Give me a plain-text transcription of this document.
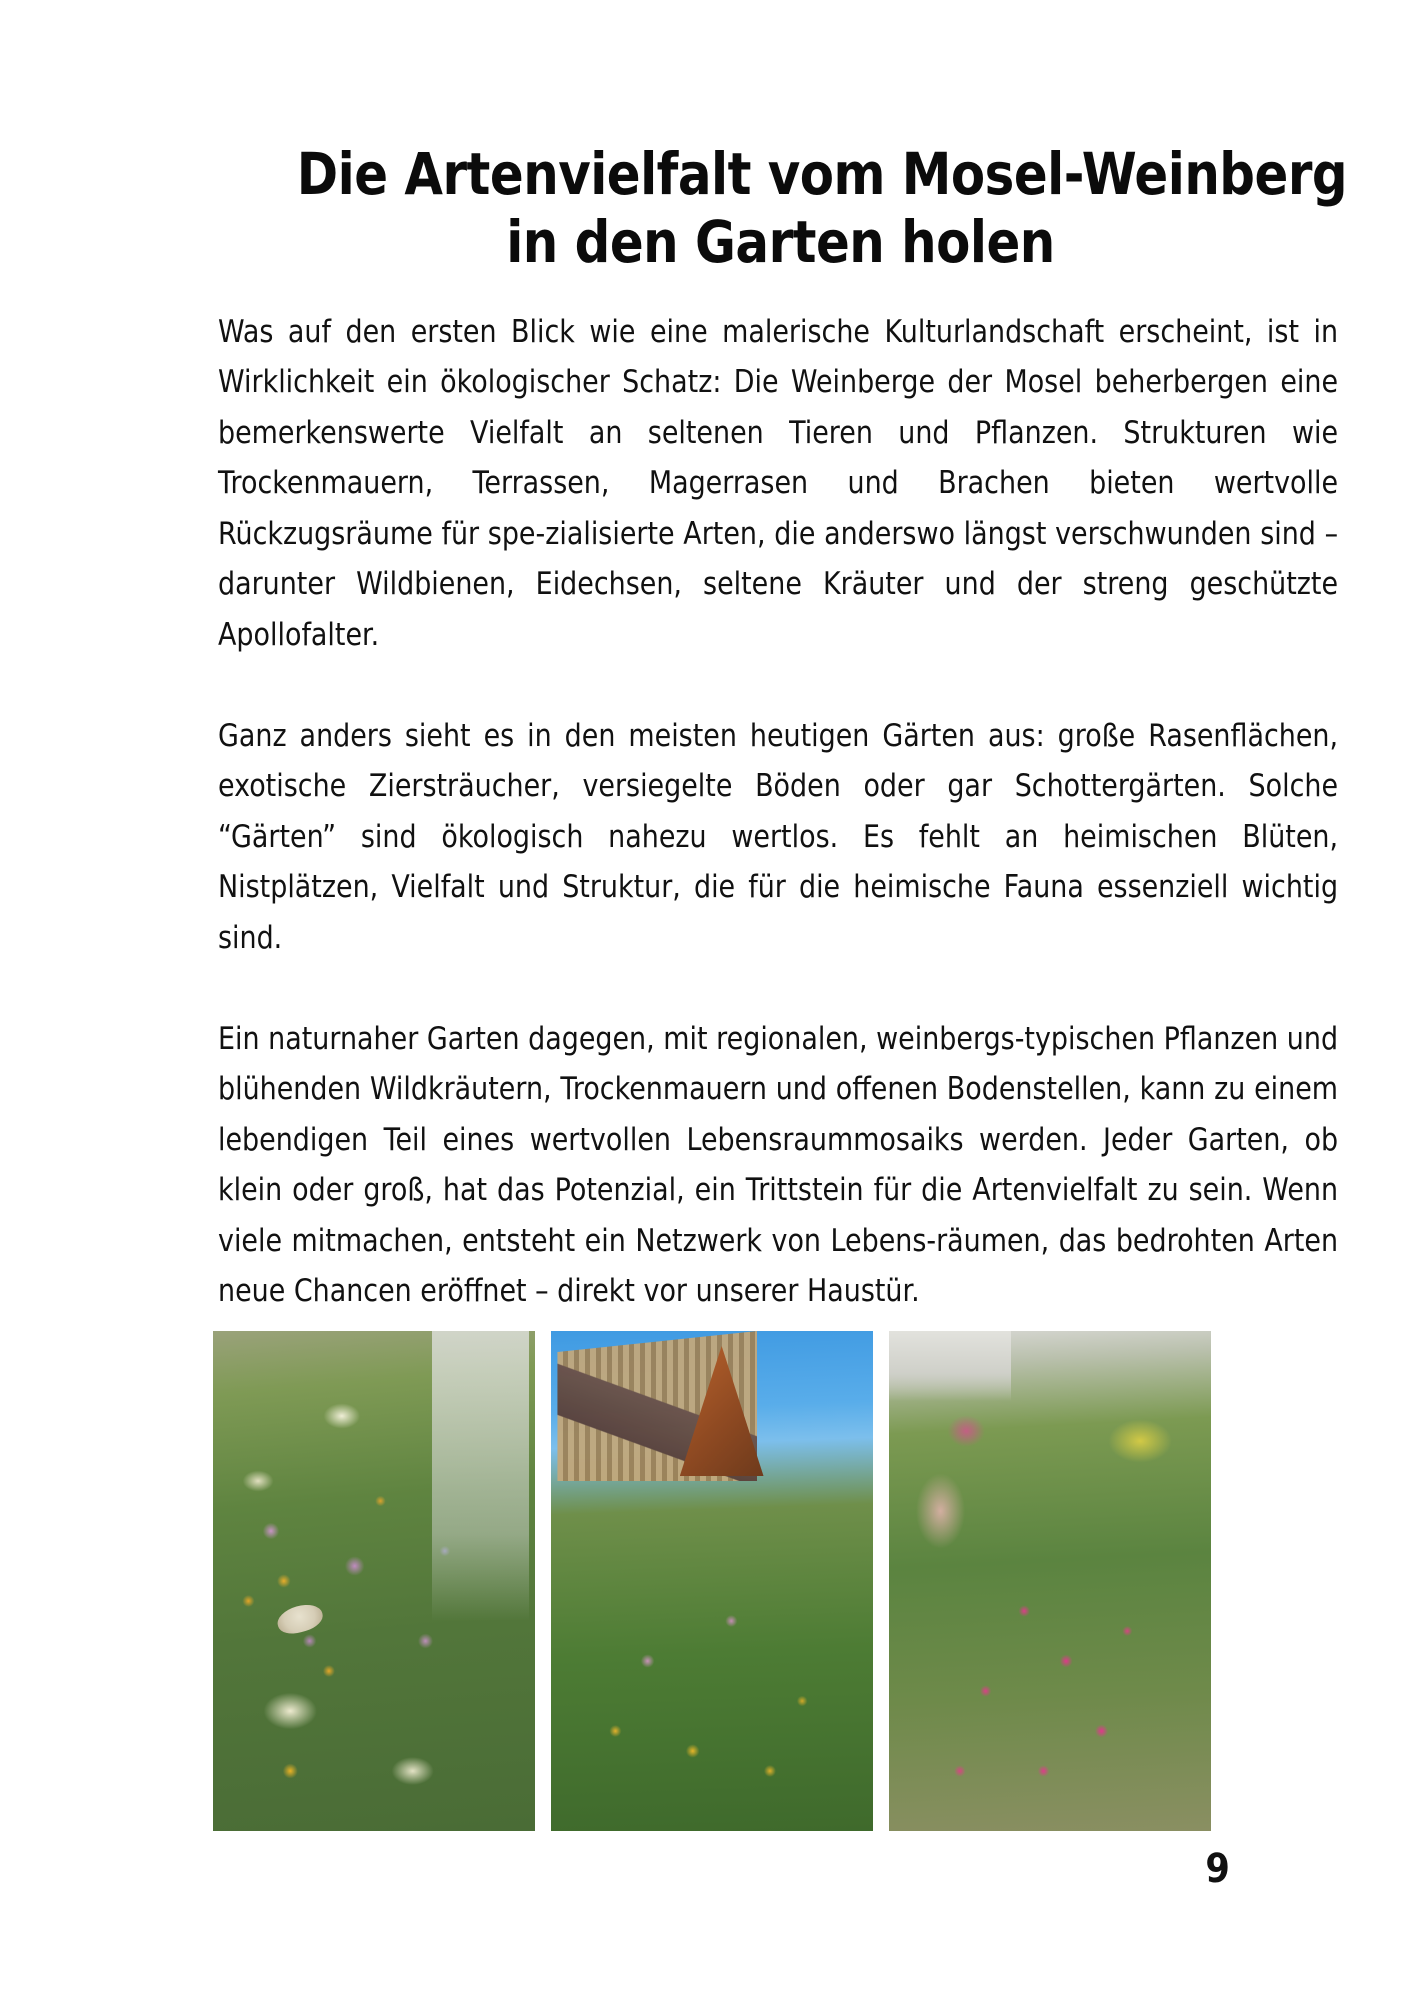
Die Artenvielfalt vom Mosel-Weinberg
in den Garten holen

Was auf den ersten Blick wie eine malerische Kulturlandschaft erscheint, ist in Wirklichkeit ein ökologischer Schatz: Die Weinberge der Mosel beherbergen eine bemerkenswerte Vielfalt an seltenen Tieren und Pflanzen. Strukturen wie Trockenmauern, Terrassen, Magerrasen und Brachen bieten wertvolle Rückzugsräume für spe-zialisierte Arten, die anderswo längst verschwunden sind – darunter Wildbienen, Eidechsen, seltene Kräuter und der streng geschützte Apollofalter.

Ganz anders sieht es in den meisten heutigen Gärten aus: große Rasenflächen, exotische Ziersträucher, versiegelte Böden oder gar Schottergärten. Solche “Gärten” sind ökologisch nahezu wertlos. Es fehlt an heimischen Blüten, Nistplätzen, Vielfalt und Struktur, die für die heimische Fauna essenziell wichtig sind.

Ein naturnaher Garten dagegen, mit regionalen, weinbergs-typischen Pflanzen und blühenden Wildkräutern, Trockenmauern und offenen Bodenstellen, kann zu einem lebendigen Teil eines wertvollen Lebensraummosaiks werden. Jeder Garten, ob klein oder groß, hat das Potenzial, ein Trittstein für die Artenvielfalt zu sein. Wenn viele mitmachen, entsteht ein Netzwerk von Lebens-räumen, das bedrohten Arten neue Chancen eröffnet – direkt vor unserer Haustür.

9
